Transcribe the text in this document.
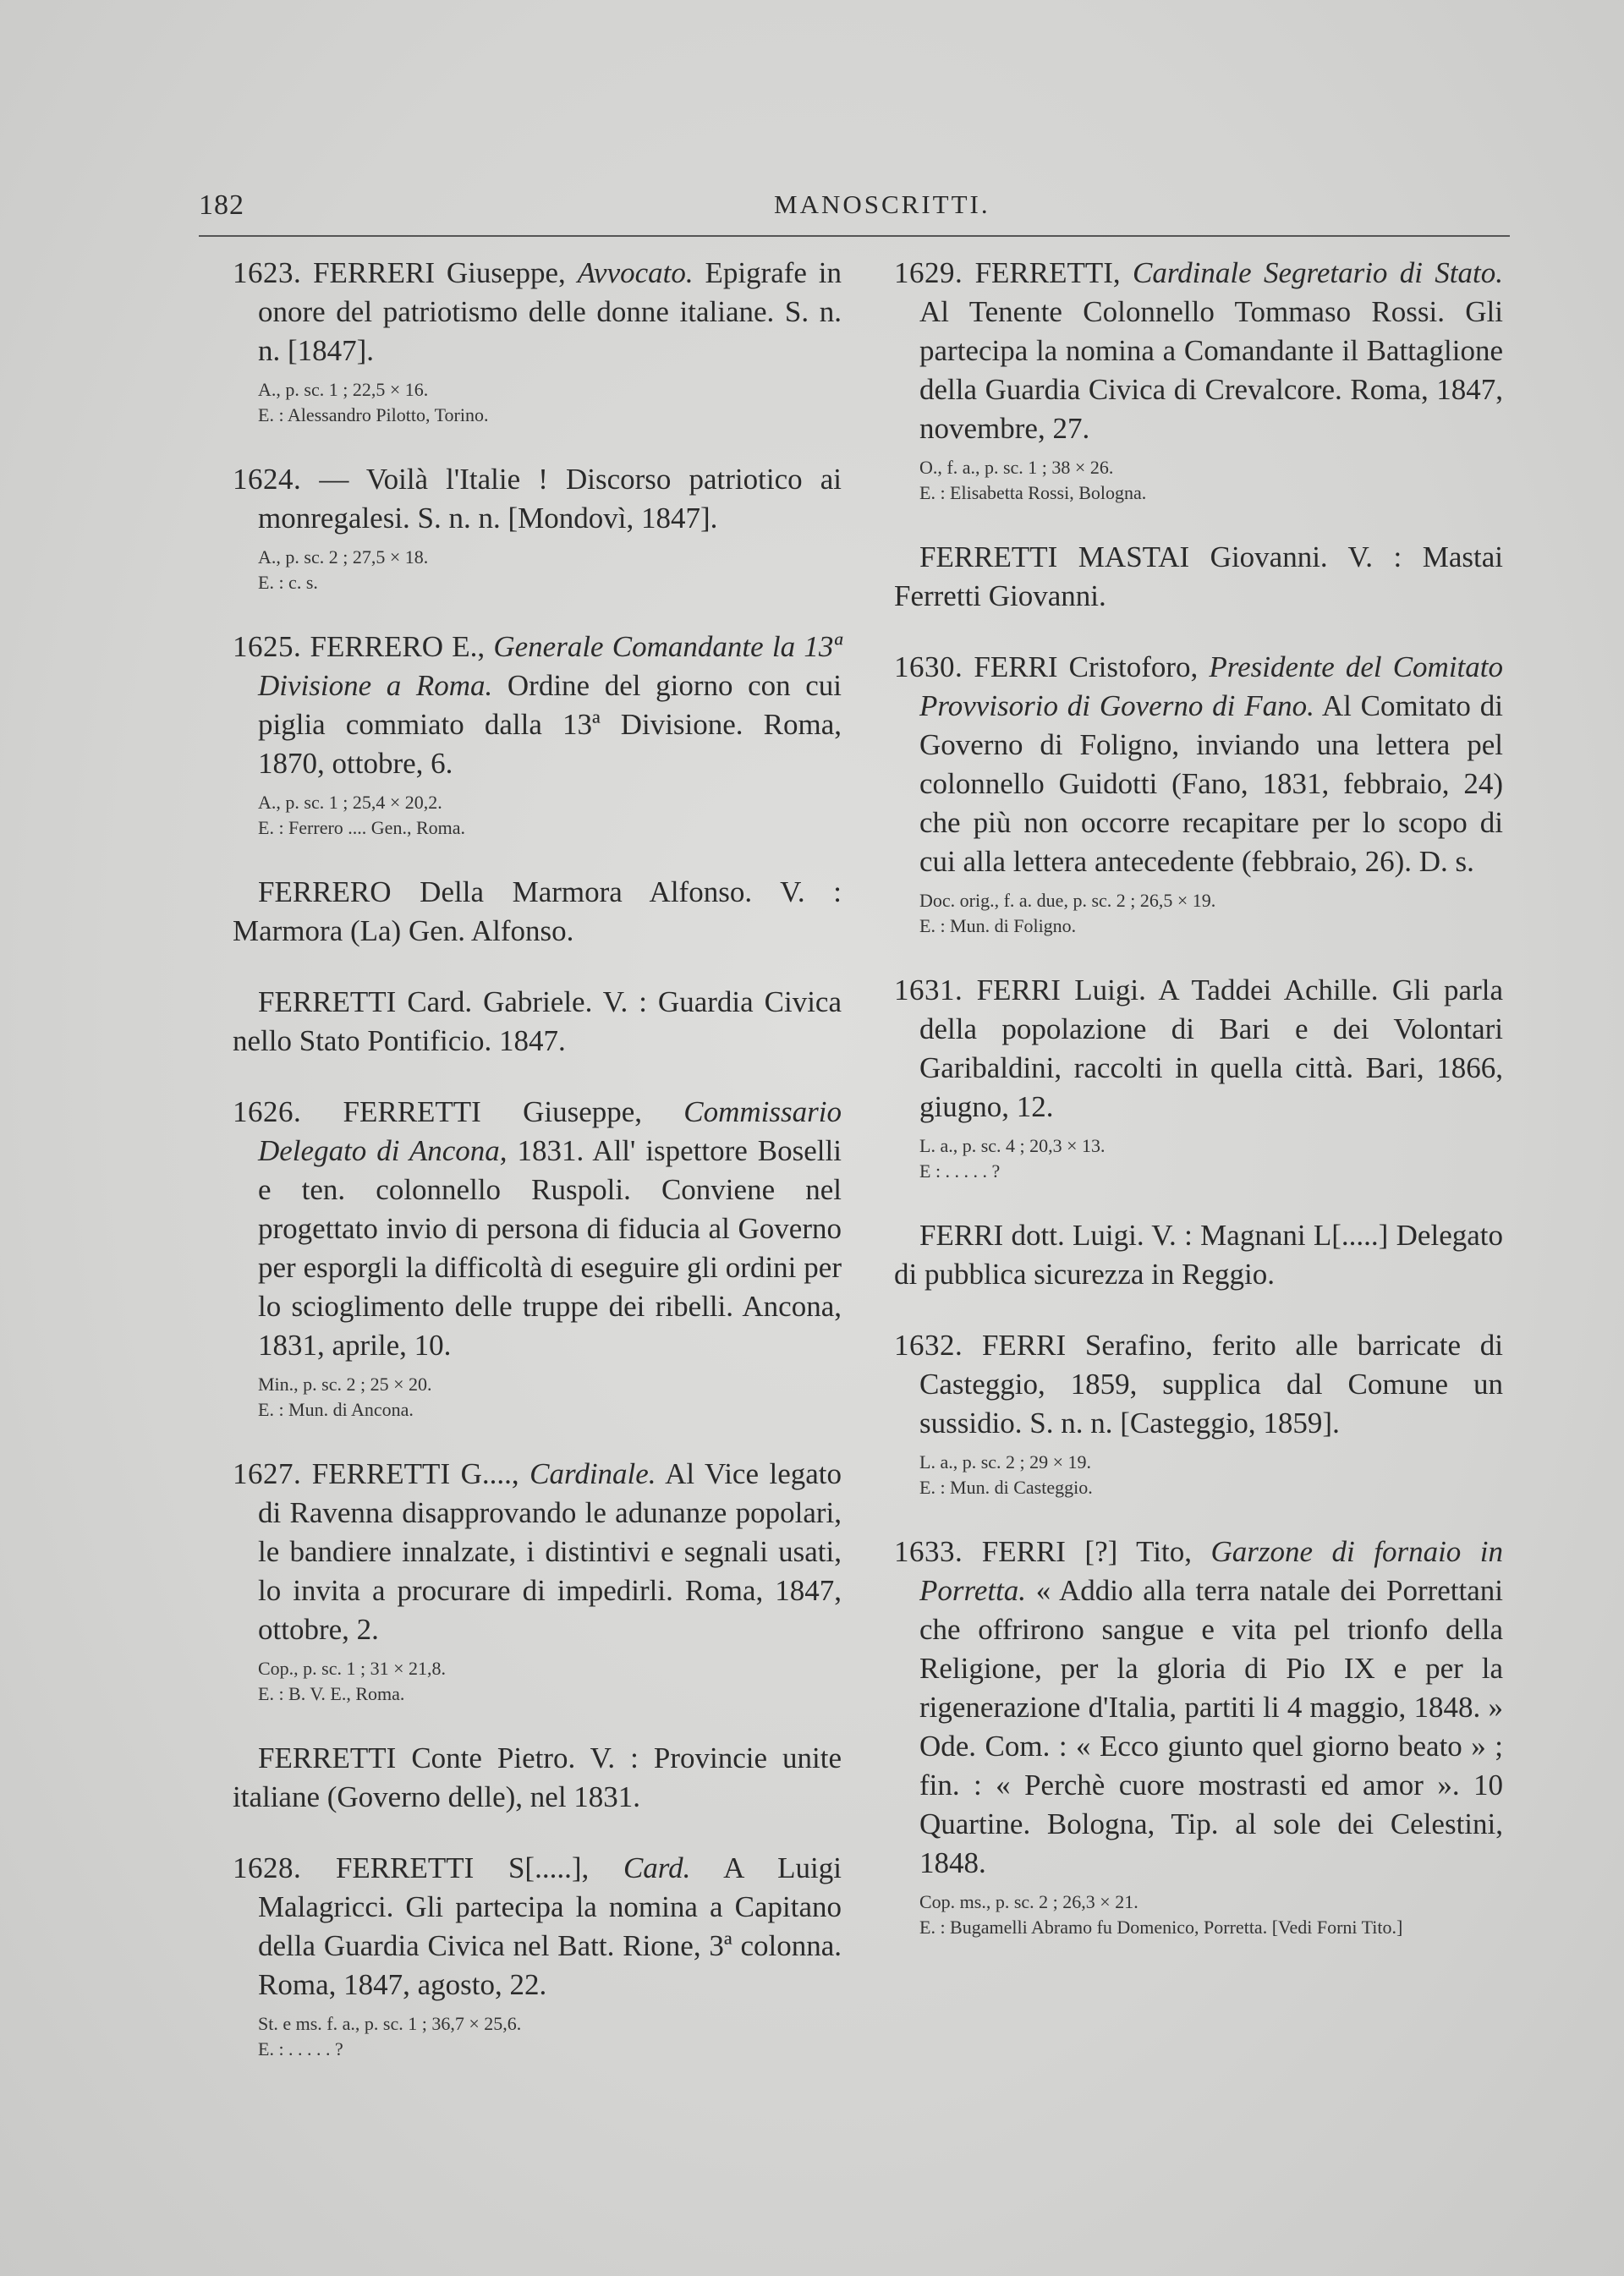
182	MANOSCRITTI.

1623. FERRERI Giuseppe, Avvocato. Epigrafe in onore del patriotismo delle donne italiane. S. n. n. [1847].

A., p. sc. 1 ; 22,5 × 16.
E. : Alessandro Pilotto, Torino.

1624. — Voilà l'Italie ! Discorso patriotico ai monregalesi. S. n. n. [Mondovì, 1847].

A., p. sc. 2 ; 27,5 × 18.
E. : c. s.

1625. FERRERO E., Generale Comandante la 13ª Divisione a Roma. Ordine del giorno con cui piglia commiato dalla 13ª Divisione. Roma, 1870, ottobre, 6.

A., p. sc. 1 ; 25,4 × 20,2.
E. : Ferrero .... Gen., Roma.

FERRERO Della Marmora Alfonso. V. : Marmora (La) Gen. Alfonso.

FERRETTI Card. Gabriele. V. : Guardia Civica nello Stato Pontificio. 1847.

1626. FERRETTI Giuseppe, Commissario Delegato di Ancona, 1831. All' ispettore Boselli e ten. colonnello Ruspoli. Conviene nel progettato invio di persona di fiducia al Governo per esporgli la difficoltà di eseguire gli ordini per lo scioglimento delle truppe dei ribelli. Ancona, 1831, aprile, 10.

Min., p. sc. 2 ; 25 × 20.
E. : Mun. di Ancona.

1627. FERRETTI G...., Cardinale. Al Vice legato di Ravenna disapprovando le adunanze popolari, le bandiere innalzate, i distintivi e segnali usati, lo invita a procurare di impedirli. Roma, 1847, ottobre, 2.

Cop., p. sc. 1 ; 31 × 21,8.
E. : B. V. E., Roma.

FERRETTI Conte Pietro. V. : Provincie unite italiane (Governo delle), nel 1831.

1628. FERRETTI S[.....], Card. A Luigi Malagricci. Gli partecipa la nomina a Capitano della Guardia Civica nel Batt. Rione, 3ª colonna. Roma, 1847, agosto, 22.

St. e ms. f. a., p. sc. 1 ; 36,7 × 25,6.
E. : . . . . . ?

1629. FERRETTI, Cardinale Segretario di Stato. Al Tenente Colonnello Tommaso Rossi. Gli partecipa la nomina a Comandante il Battaglione della Guardia Civica di Crevalcore. Roma, 1847, novembre, 27.

O., f. a., p. sc. 1 ; 38 × 26.
E. : Elisabetta Rossi, Bologna.

FERRETTI MASTAI Giovanni. V. : Mastai Ferretti Giovanni.

1630. FERRI Cristoforo, Presidente del Comitato Provvisorio di Governo di Fano. Al Comitato di Governo di Foligno, inviando una lettera pel colonnello Guidotti (Fano, 1831, febbraio, 24) che più non occorre recapitare per lo scopo di cui alla lettera antecedente (febbraio, 26). D. s.

Doc. orig., f. a. due, p. sc. 2 ; 26,5 × 19.
E. : Mun. di Foligno.

1631. FERRI Luigi. A Taddei Achille. Gli parla della popolazione di Bari e dei Volontari Garibaldini, raccolti in quella città. Bari, 1866, giugno, 12.

L. a., p. sc. 4 ; 20,3 × 13.
E : . . . . . ?

FERRI dott. Luigi. V. : Magnani L[.....] Delegato di pubblica sicurezza in Reggio.

1632. FERRI Serafino, ferito alle barricate di Casteggio, 1859, supplica dal Comune un sussidio. S. n. n. [Casteggio, 1859].

L. a., p. sc. 2 ; 29 × 19.
E. : Mun. di Casteggio.

1633. FERRI [?] Tito, Garzone di fornaio in Porretta. « Addio alla terra natale dei Porrettani che offrirono sangue e vita pel trionfo della Religione, per la gloria di Pio IX e per la rigenerazione d'Italia, partiti li 4 maggio, 1848. » Ode. Com. : « Ecco giunto quel giorno beato » ; fin. : « Perchè cuore mostrasti ed amor ». 10 Quartine. Bologna, Tip. al sole dei Celestini, 1848.

Cop. ms., p. sc. 2 ; 26,3 × 21.
E. : Bugamelli Abramo fu Domenico, Porretta. [Vedi Forni Tito.]
